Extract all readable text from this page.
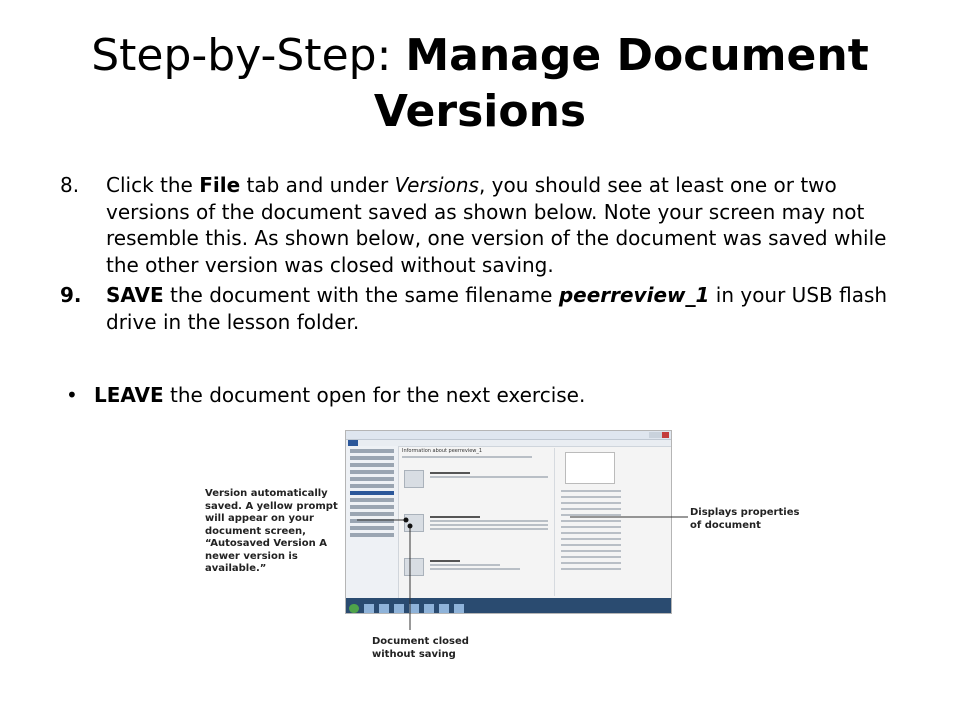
Step-by-Step: Manage Document
Versions
8.	Click the File tab and under Versions, you should see at least one or two versions of the document saved as shown below. Note your screen may not resemble this. As shown below, one version of the document was saved while the other version was closed without saving.
9.	SAVE the document with the same filename peerreview_1 in your USB flash drive in the lesson folder.
• LEAVE the document open for the next exercise.
Information about peerreview_1
Version automatically saved. A yellow prompt will appear on your document screen, “Autosaved Version A newer version is available.”
Displays properties of document
Document closed without saving
